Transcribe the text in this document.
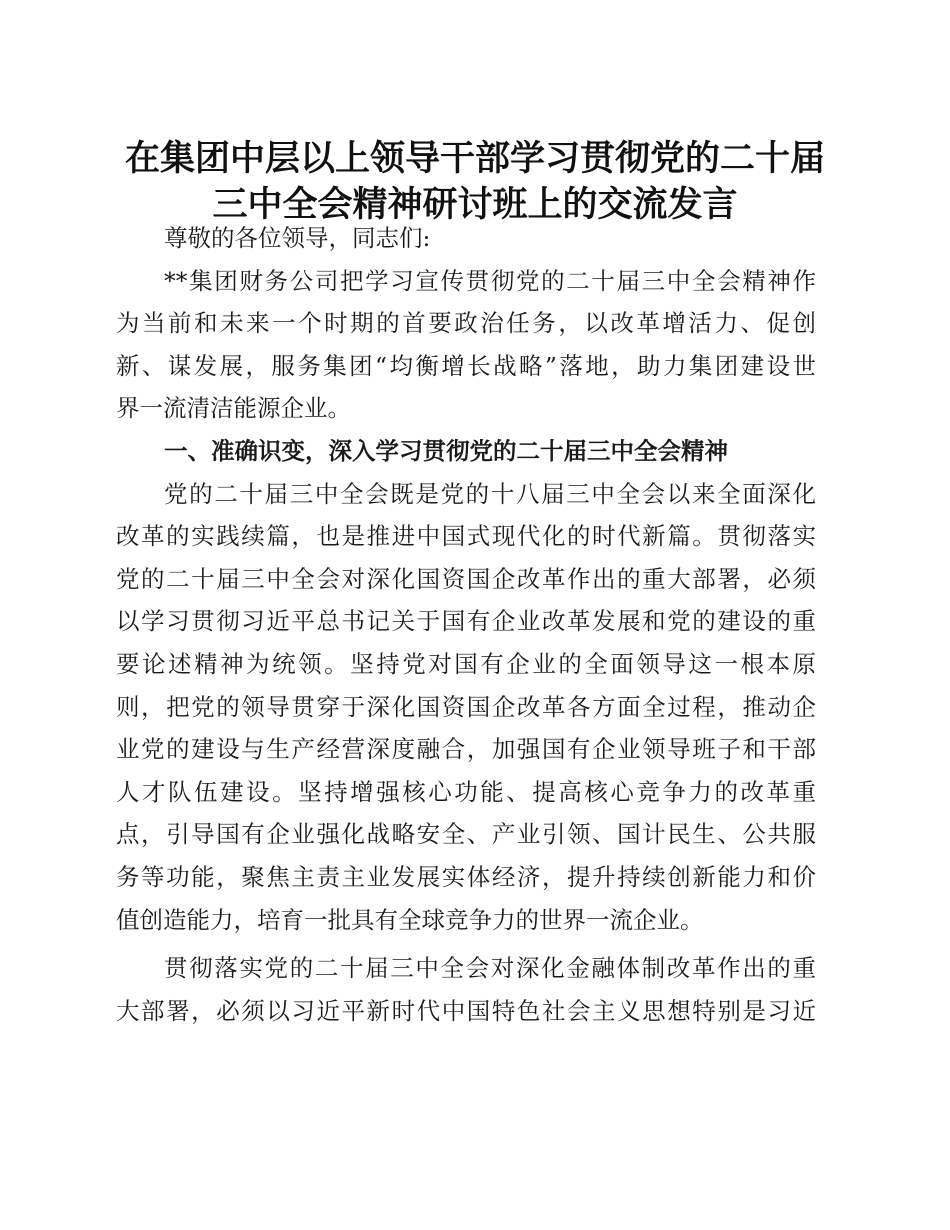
在集团中层以上领导干部学习贯彻党的二十届
三中全会精神研讨班上的交流发言
尊敬的各位领导，同志们:
**集团财务公司把学习宣传贯彻党的二十届三中全会精神作
为当前和未来一个时期的首要政治任务，以改革增活力、促创
新、谋发展，服务集团“均衡增长战略”落地，助力集团建设世
界一流清洁能源企业。
一、准确识变，深入学习贯彻党的二十届三中全会精神
党的二十届三中全会既是党的十八届三中全会以来全面深化
改革的实践续篇，也是推进中国式现代化的时代新篇。贯彻落实
党的二十届三中全会对深化国资国企改革作出的重大部署，必须
以学习贯彻习近平总书记关于国有企业改革发展和党的建设的重
要论述精神为统领。坚持党对国有企业的全面领导这一根本原
则，把党的领导贯穿于深化国资国企改革各方面全过程，推动企
业党的建设与生产经营深度融合，加强国有企业领导班子和干部
人才队伍建设。坚持增强核心功能、提高核心竞争力的改革重
点，引导国有企业强化战略安全、产业引领、国计民生、公共服
务等功能，聚焦主责主业发展实体经济，提升持续创新能力和价
值创造能力，培育一批具有全球竞争力的世界一流企业。
贯彻落实党的二十届三中全会对深化金融体制改革作出的重
大部署，必须以习近平新时代中国特色社会主义思想特别是习近
